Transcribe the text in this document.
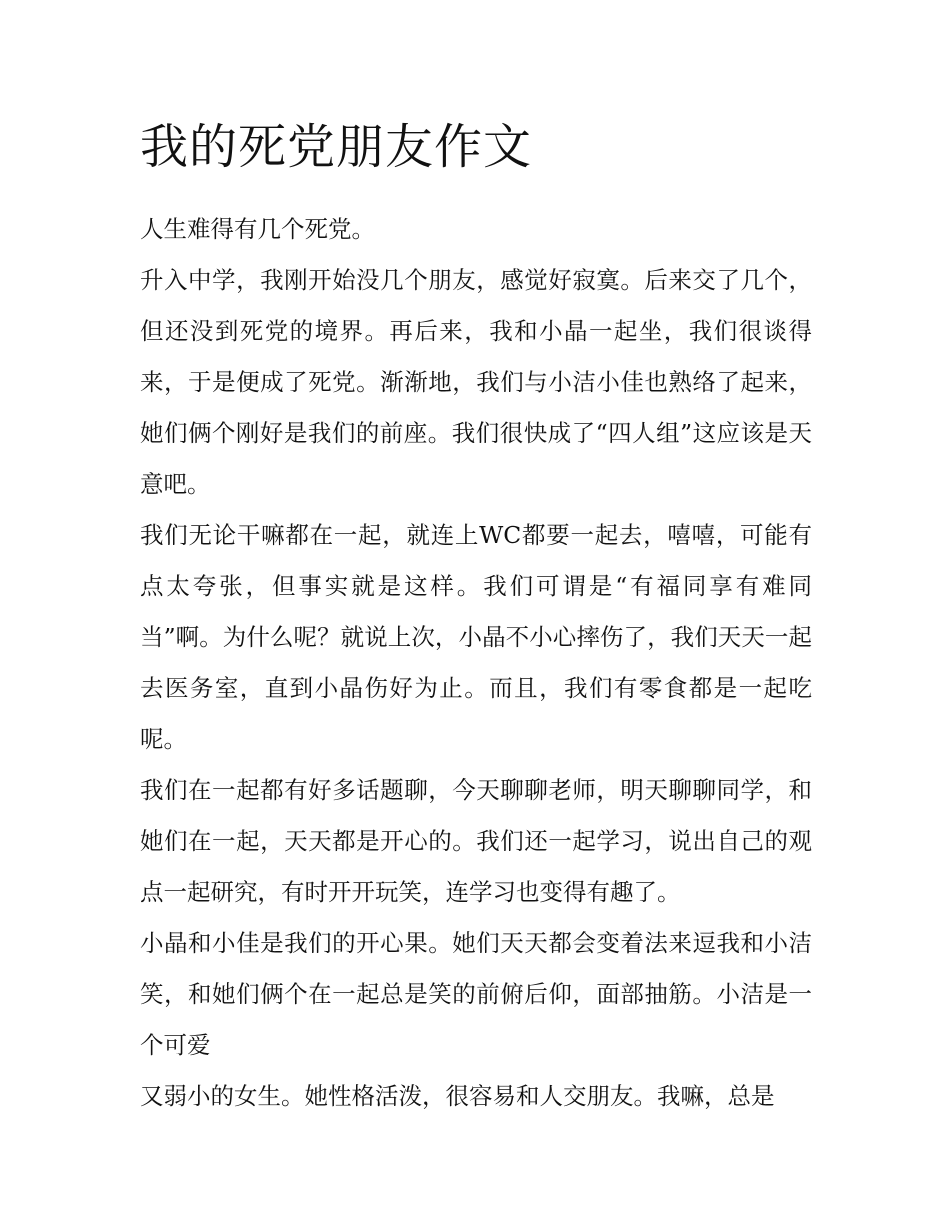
我的死党朋友作文

人生难得有几个死党。

升入中学，我刚开始没几个朋友，感觉好寂寞。后来交了几个，但还没到死党的境界。再后来，我和小晶一起坐，我们很谈得来，于是便成了死党。渐渐地，我们与小洁小佳也熟络了起来，她们俩个刚好是我们的前座。我们很快成了“四人组”这应该是天意吧。

我们无论干嘛都在一起，就连上WC都要一起去，嘻嘻，可能有点太夸张，但事实就是这样。我们可谓是“有福同享有难同当”啊。为什么呢？就说上次，小晶不小心摔伤了，我们天天一起去医务室，直到小晶伤好为止。而且，我们有零食都是一起吃呢。

我们在一起都有好多话题聊，今天聊聊老师，明天聊聊同学，和她们在一起，天天都是开心的。我们还一起学习，说出自己的观点一起研究，有时开开玩笑，连学习也变得有趣了。

小晶和小佳是我们的开心果。她们天天都会变着法来逗我和小洁笑，和她们俩个在一起总是笑的前俯后仰，面部抽筋。小洁是一个可爱

又弱小的女生。她性格活泼，很容易和人交朋友。我嘛，总是
